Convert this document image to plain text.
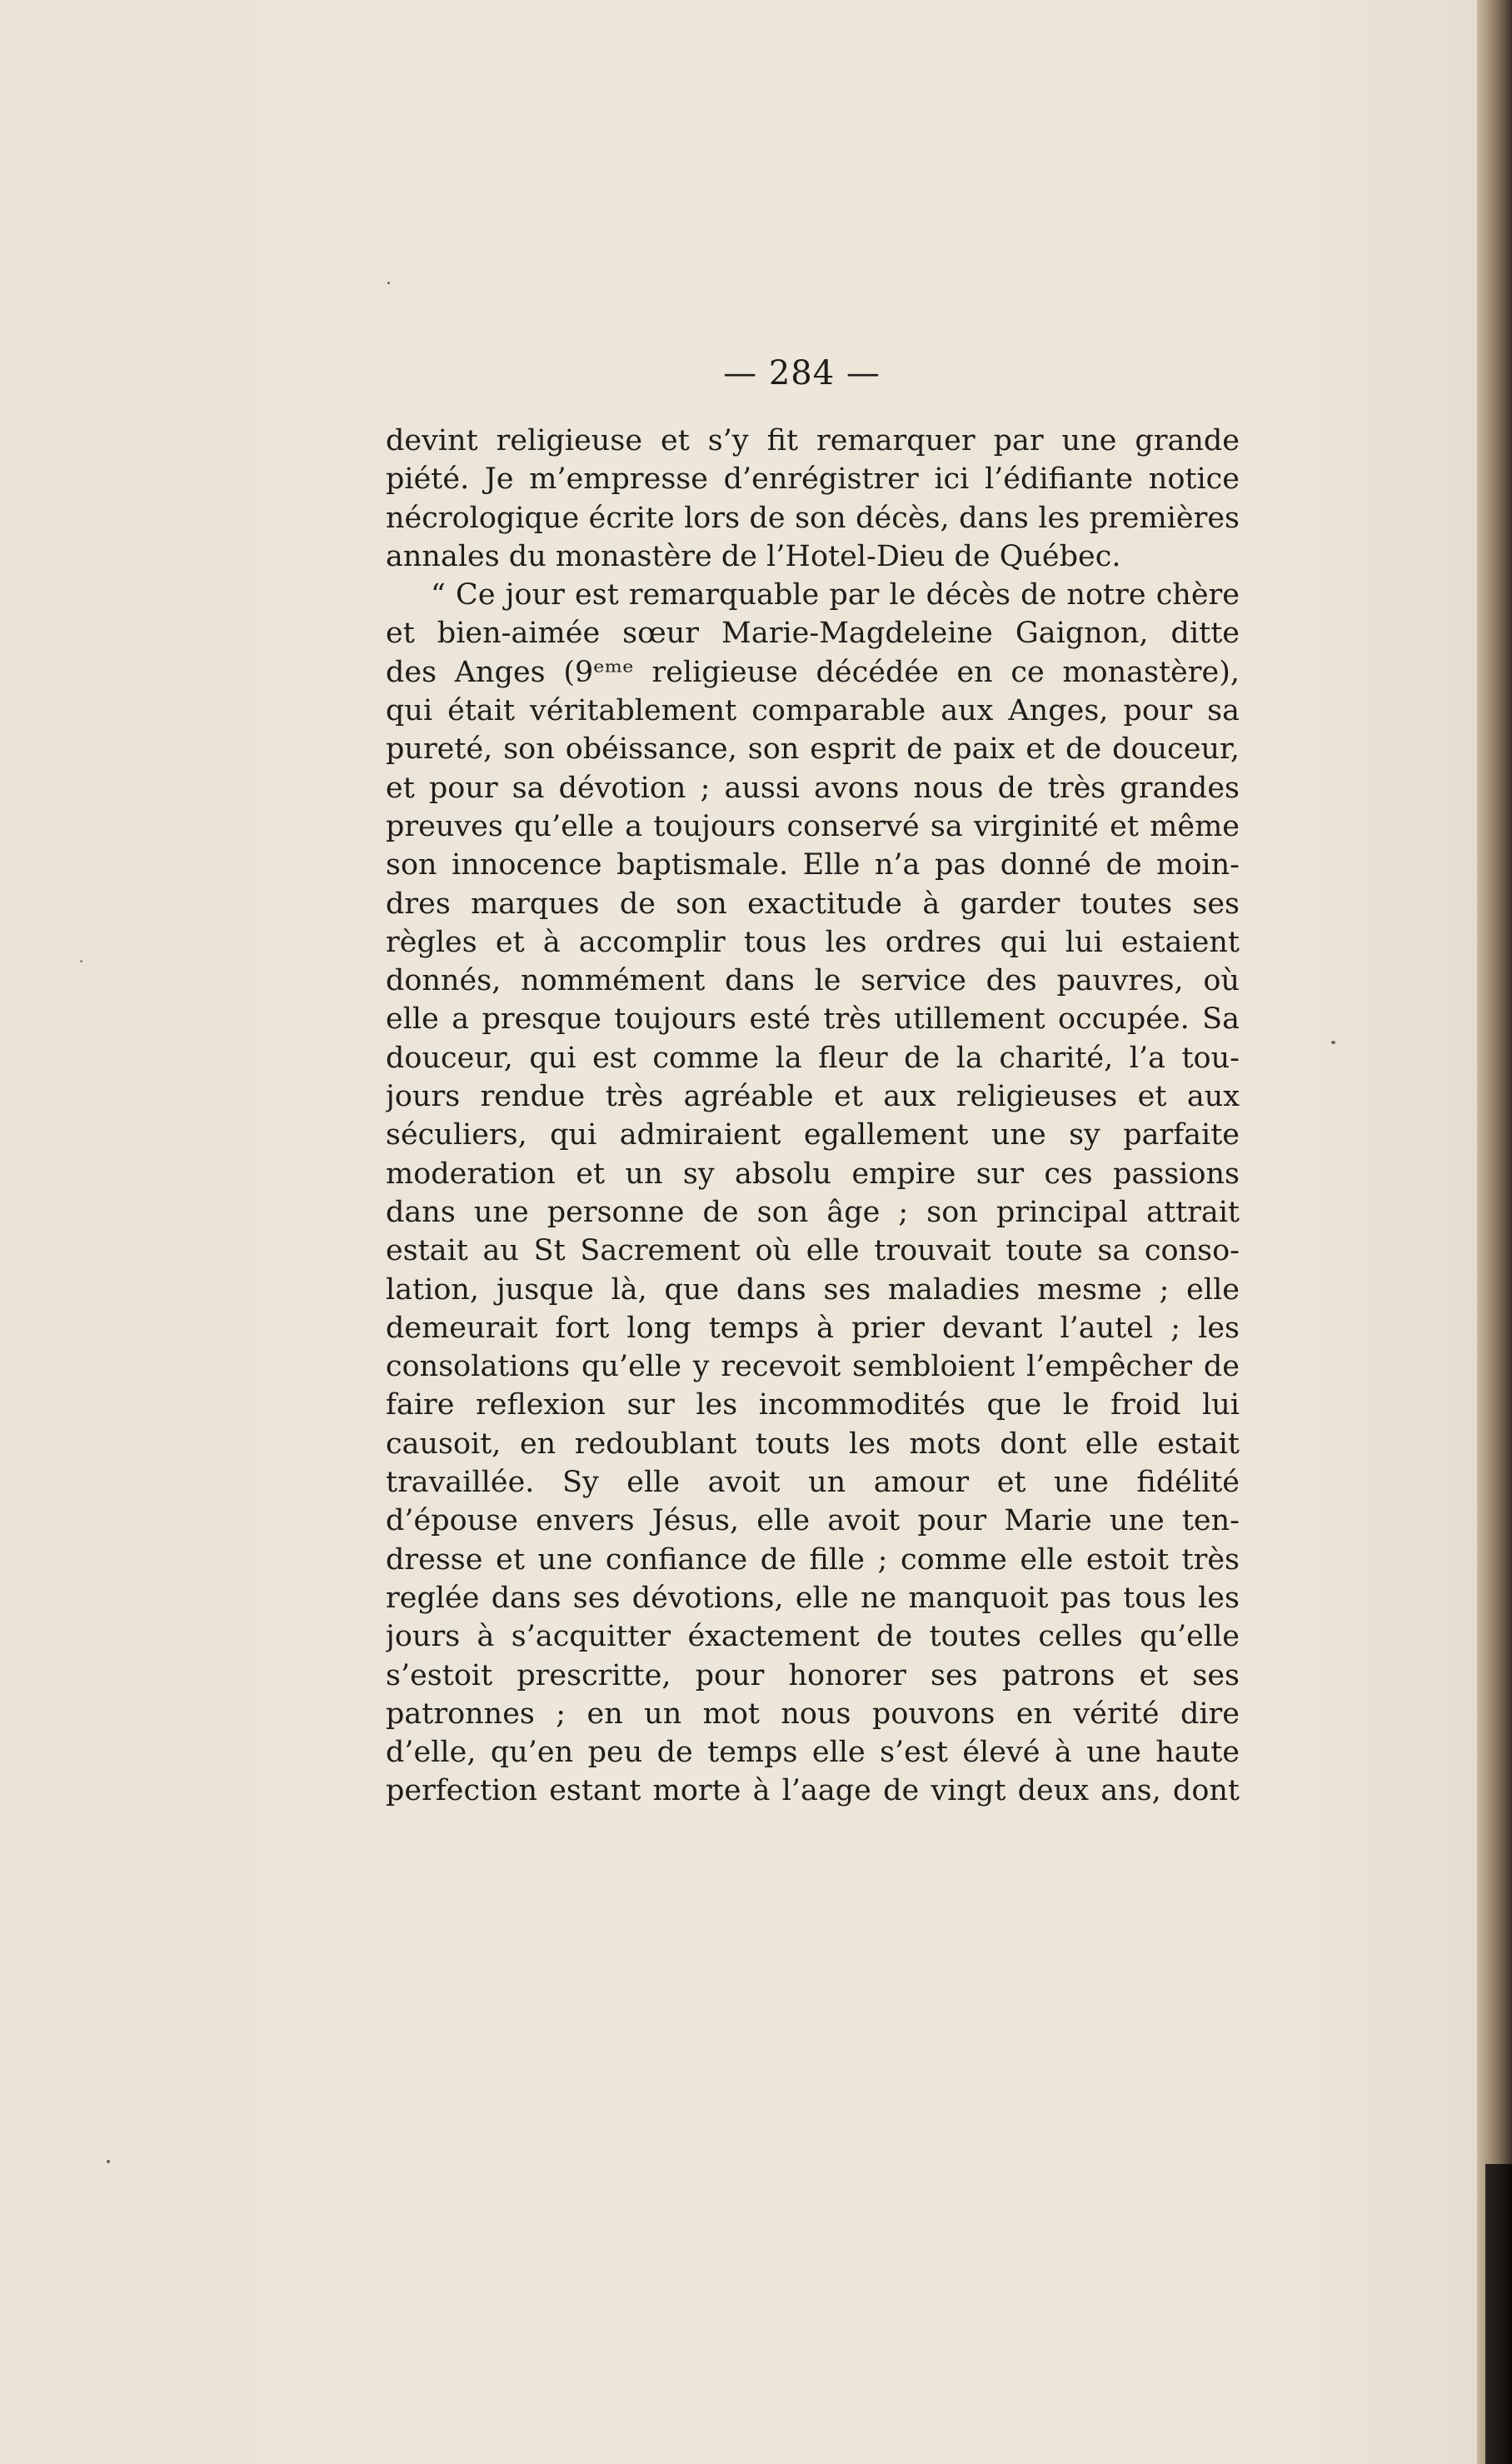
— 284 —
devint religieuse et s’y fit remarquer par une grande
piété. Je m’empresse d’enrégistrer ici l’édifiante notice
nécrologique écrite lors de son décès, dans les premières
annales du monastère de l’Hotel-Dieu de Québec.
“ Ce jour est remarquable par le décès de notre chère
et bien-aimée sœur Marie-Magdeleine Gaignon, ditte
des Anges (9ᵉᵐᵉ religieuse décédée en ce monastère),
qui était véritablement comparable aux Anges, pour sa
pureté, son obéissance, son esprit de paix et de douceur,
et pour sa dévotion ; aussi avons nous de très grandes
preuves qu’elle a toujours conservé sa virginité et même
son innocence baptismale. Elle n’a pas donné de moin-
dres marques de son exactitude à garder toutes ses
règles et à accomplir tous les ordres qui lui estaient
donnés, nommément dans le service des pauvres, où
elle a presque toujours esté très utillement occupée. Sa
douceur, qui est comme la fleur de la charité, l’a tou-
jours rendue très agréable et aux religieuses et aux
séculiers, qui admiraient egallement une sy parfaite
moderation et un sy absolu empire sur ces passions
dans une personne de son âge ; son principal attrait
estait au St Sacrement où elle trouvait toute sa conso-
lation, jusque là, que dans ses maladies mesme ; elle
demeurait fort long temps à prier devant l’autel ; les
consolations qu’elle y recevoit sembloient l’empêcher de
faire reflexion sur les incommodités que le froid lui
causoit, en redoublant touts les mots dont elle estait
travaillée. Sy elle avoit un amour et une fidélité
d’épouse envers Jésus, elle avoit pour Marie une ten-
dresse et une confiance de fille ; comme elle estoit très
reglée dans ses dévotions, elle ne manquoit pas tous les
jours à s’acquitter éxactement de toutes celles qu’elle
s’estoit prescritte, pour honorer ses patrons et ses
patronnes ; en un mot nous pouvons en vérité dire
d’elle, qu’en peu de temps elle s’est élevé à une haute
perfection estant morte à l’aage de vingt deux ans, dont
